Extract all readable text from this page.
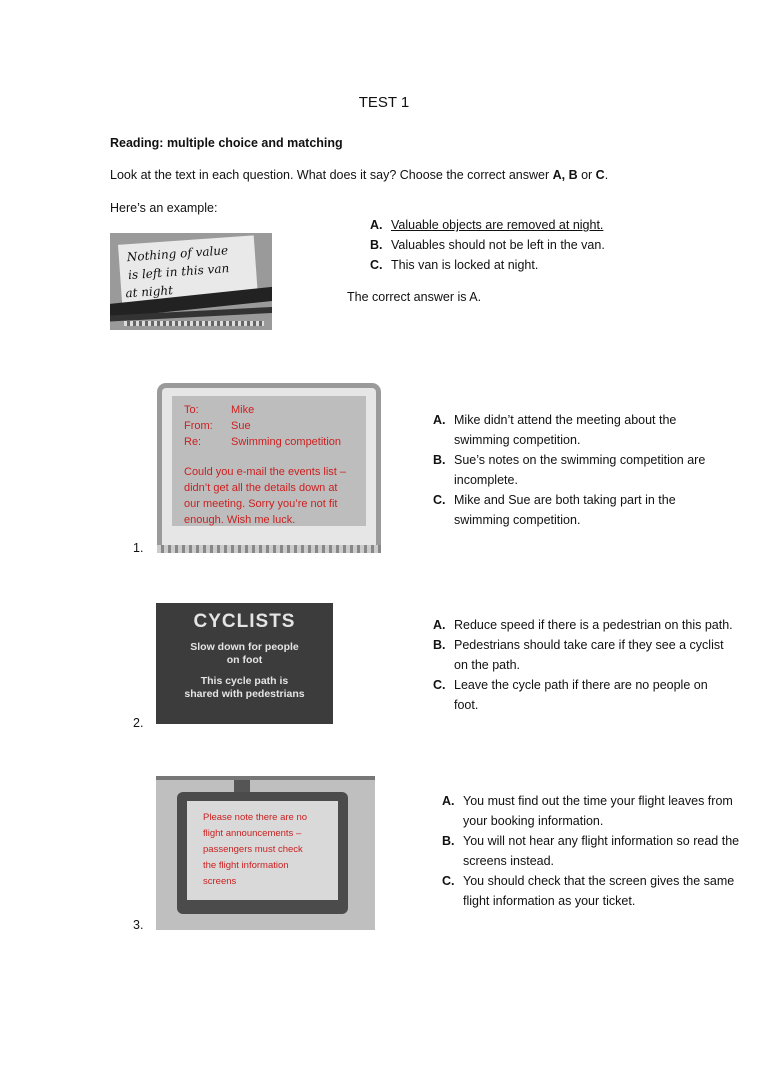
TEST 1
Reading: multiple choice and matching
Look at the text in each question. What does it say? Choose the correct answer A, B or C.
Here’s an example:
Nothing of value
is left in this van
at night
A. Valuable objects are removed at night.
B. Valuables should not be left in the van.
C. This van is locked at night.
The correct answer is A.
To:	Mike
From: Sue
Re:	Swimming competition
Could you e-mail the events list –
didn’t get all the details down at
our meeting. Sorry you’re not fit
enough. Wish me luck.
1.
A. Mike didn’t attend the meeting about the swimming competition.
B. Sue’s notes on the swimming competition are incomplete.
C. Mike and Sue are both taking part in the swimming competition.
CYCLISTS
Slow down for people
on foot
This cycle path is
shared with pedestrians
2.
A. Reduce speed if there is a pedestrian on this path.
B. Pedestrians should take care if they see a cyclist on the path.
C. Leave the cycle path if there are no people on foot.
Please note there are no
flight announcements –
passengers must check
the flight information
screens
3.
A. You must find out the time your flight leaves from your booking information.
B. You will not hear any flight information so read the screens instead.
C. You should check that the screen gives the same flight information as your ticket.
